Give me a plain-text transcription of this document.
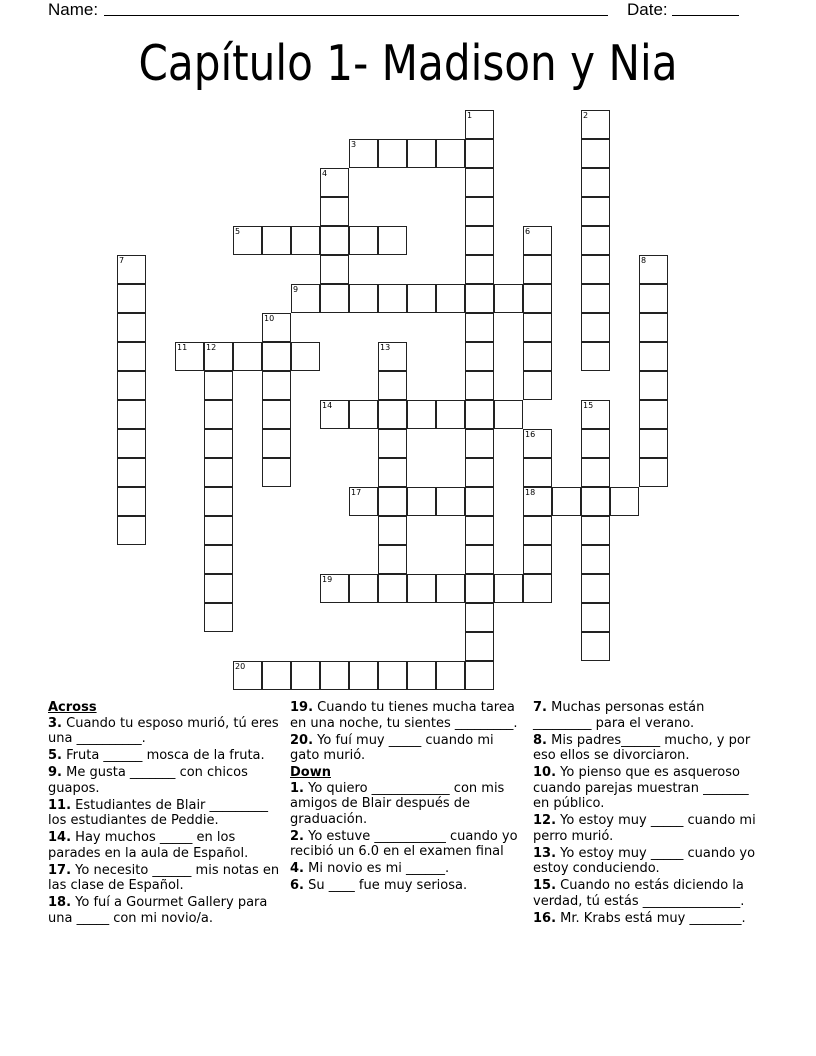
Name:	Date:
Capítulo 1- Madison y Nia
1	2
3
4
5	6
7	8
9
10
11 12	13
14	15
16
18
17
19
20
Across
3. Cuando tu esposo murió, tú eres una __________.
5. Fruta ______ mosca de la fruta.
9. Me gusta _______ con chicos guapos.
11. Estudiantes de Blair _________ los estudiantes de Peddie.
14. Hay muchos _____ en los parades en la aula de Español.
17. Yo necesito ______ mis notas en las clase de Español.
18. Yo fuí a Gourmet Gallery para una _____ con mi novio/a.
19. Cuando tu tienes mucha tarea en una noche, tu sientes _________.
20. Yo fuí muy _____ cuando mi gato murió.
Down
1. Yo quiero ____________ con mis amigos de Blair después de graduación.
2. Yo estuve ___________ cuando yo recibió un 6.0 en el examen final
4. Mi novio es mi ______.
6. Su ____ fue muy seriosa.
7. Muchas personas están _________ para el verano.
8. Mis padres______ mucho, y por eso ellos se divorciaron.
10. Yo pienso que es asqueroso cuando parejas muestran _______ en público.
12. Yo estoy muy _____ cuando mi perro murió.
13. Yo estoy muy _____ cuando yo estoy conduciendo.
15. Cuando no estás diciendo la verdad, tú estás _______________.
16. Mr. Krabs está muy ________.
